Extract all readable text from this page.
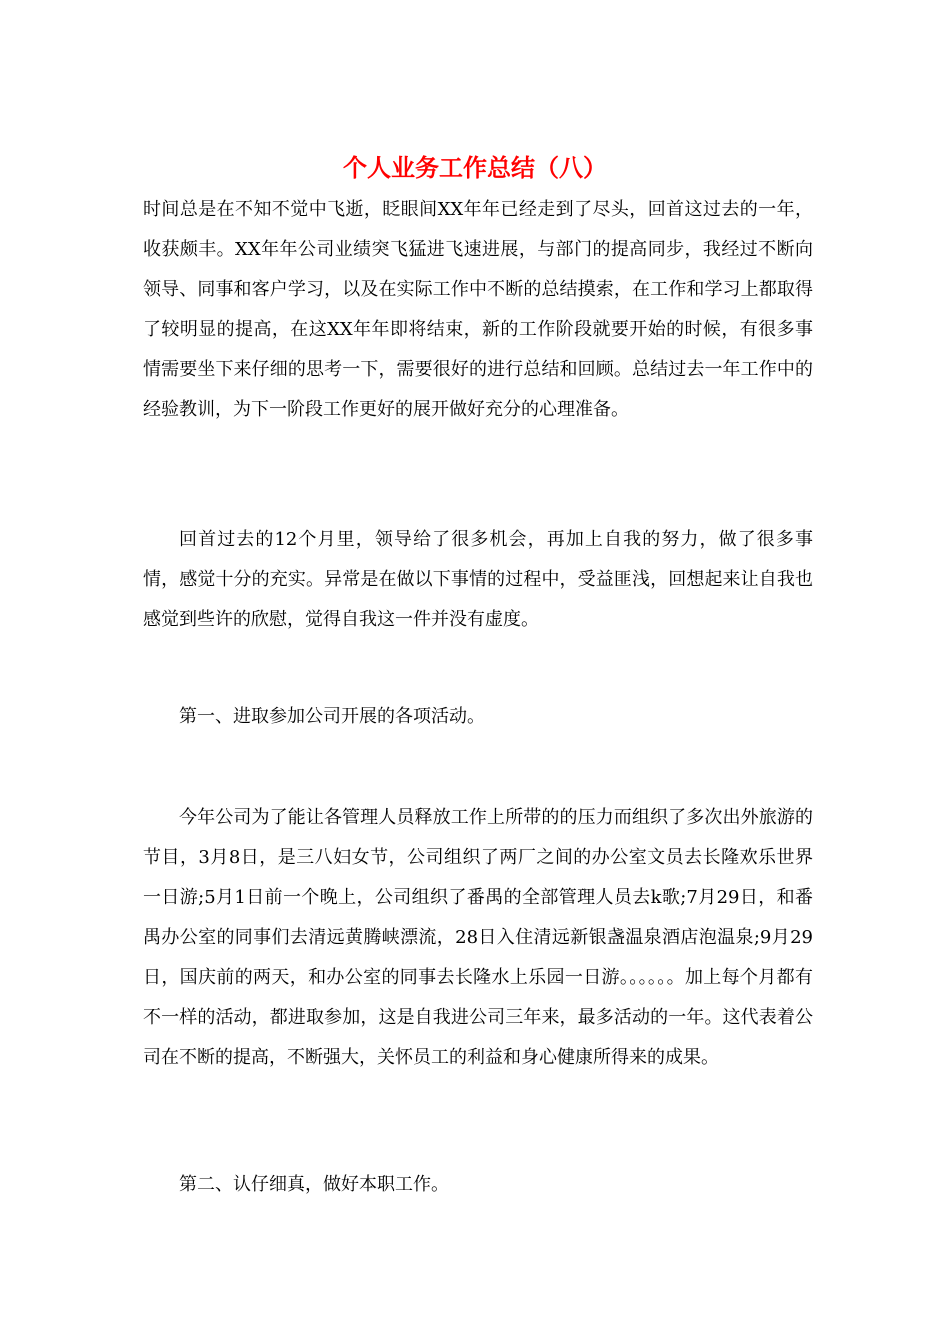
个人业务工作总结（八）

时间总是在不知不觉中飞逝，眨眼间XX年年已经走到了尽头，回首这过去的一年，收获颇丰。XX年年公司业绩突飞猛进飞速进展，与部门的提高同步，我经过不断向领导、同事和客户学习，以及在实际工作中不断的总结摸索，在工作和学习上都取得了较明显的提高，在这XX年年即将结束，新的工作阶段就要开始的时候，有很多事情需要坐下来仔细的思考一下，需要很好的进行总结和回顾。总结过去一年工作中的经验教训，为下一阶段工作更好的展开做好充分的心理准备。

回首过去的12个月里，领导给了很多机会，再加上自我的努力，做了很多事情，感觉十分的充实。异常是在做以下事情的过程中，受益匪浅，回想起来让自我也感觉到些许的欣慰，觉得自我这一件并没有虚度。

第一、进取参加公司开展的各项活动。

今年公司为了能让各管理人员释放工作上所带的的压力而组织了多次出外旅游的节目，3月8日，是三八妇女节，公司组织了两厂之间的办公室文员去长隆欢乐世界一日游;5月1日前一个晚上，公司组织了番禺的全部管理人员去k歌;7月29日，和番禺办公室的同事们去清远黄腾峡漂流，28日入住清远新银盏温泉酒店泡温泉;9月29日，国庆前的两天，和办公室的同事去长隆水上乐园一日游。。。。。。加上每个月都有不一样的活动，都进取参加，这是自我进公司三年来，最多活动的一年。这代表着公司在不断的提高，不断强大，关怀员工的利益和身心健康所得来的成果。

第二、认仔细真，做好本职工作。
